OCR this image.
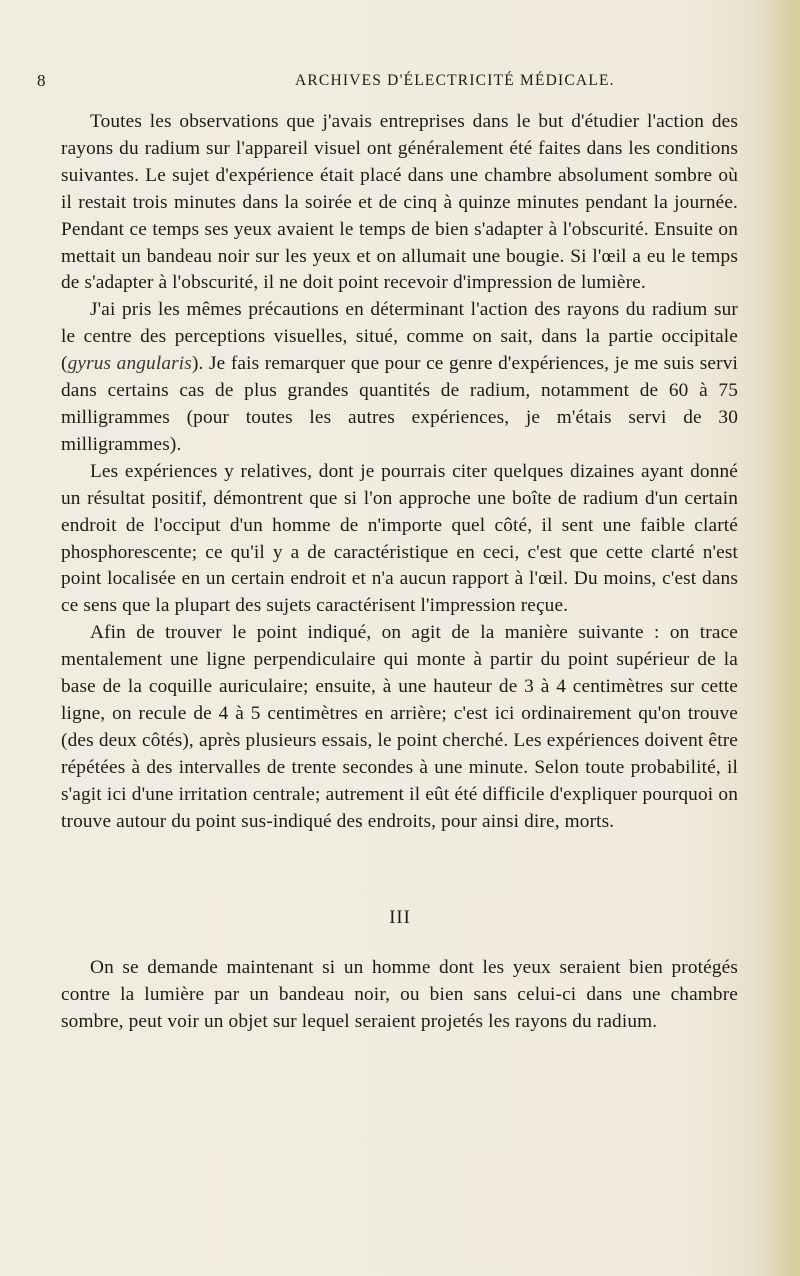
8	ARCHIVES D'ÉLECTRICITÉ MÉDICALE.

Toutes les observations que j'avais entreprises dans le but d'étudier l'action des rayons du radium sur l'appareil visuel ont généralement été faites dans les conditions suivantes. Le sujet d'expérience était placé dans une chambre absolument sombre où il restait trois minutes dans la soirée et de cinq à quinze minutes pendant la journée. Pendant ce temps ses yeux avaient le temps de bien s'adapter à l'obscurité. Ensuite on mettait un bandeau noir sur les yeux et on allumait une bougie. Si l'œil a eu le temps de s'adapter à l'obscurité, il ne doit point recevoir d'impression de lumière.

J'ai pris les mêmes précautions en déterminant l'action des rayons du radium sur le centre des perceptions visuelles, situé, comme on sait, dans la partie occipitale (gyrus angularis). Je fais remarquer que pour ce genre d'expériences, je me suis servi dans certains cas de plus grandes quantités de radium, notamment de 60 à 75 milligrammes (pour toutes les autres expériences, je m'étais servi de 30 milligrammes).

Les expériences y relatives, dont je pourrais citer quelques dizaines ayant donné un résultat positif, démontrent que si l'on approche une boîte de radium d'un certain endroit de l'occiput d'un homme de n'importe quel côté, il sent une faible clarté phosphorescente; ce qu'il y a de caractéristique en ceci, c'est que cette clarté n'est point localisée en un certain endroit et n'a aucun rapport à l'œil. Du moins, c'est dans ce sens que la plupart des sujets caractérisent l'impression reçue.

Afin de trouver le point indiqué, on agit de la manière suivante : on trace mentalement une ligne perpendiculaire qui monte à partir du point supérieur de la base de la coquille auriculaire; ensuite, à une hauteur de 3 à 4 centimètres sur cette ligne, on recule de 4 à 5 centimètres en arrière; c'est ici ordinairement qu'on trouve (des deux côtés), après plusieurs essais, le point cherché. Les expériences doivent être répétées à des intervalles de trente secondes à une minute. Selon toute probabilité, il s'agit ici d'une irritation centrale; autrement il eût été difficile d'expliquer pourquoi on trouve autour du point sus-indiqué des endroits, pour ainsi dire, morts.

III

On se demande maintenant si un homme dont les yeux seraient bien protégés contre la lumière par un bandeau noir, ou bien sans celui-ci dans une chambre sombre, peut voir un objet sur lequel seraient projetés les rayons du radium.
